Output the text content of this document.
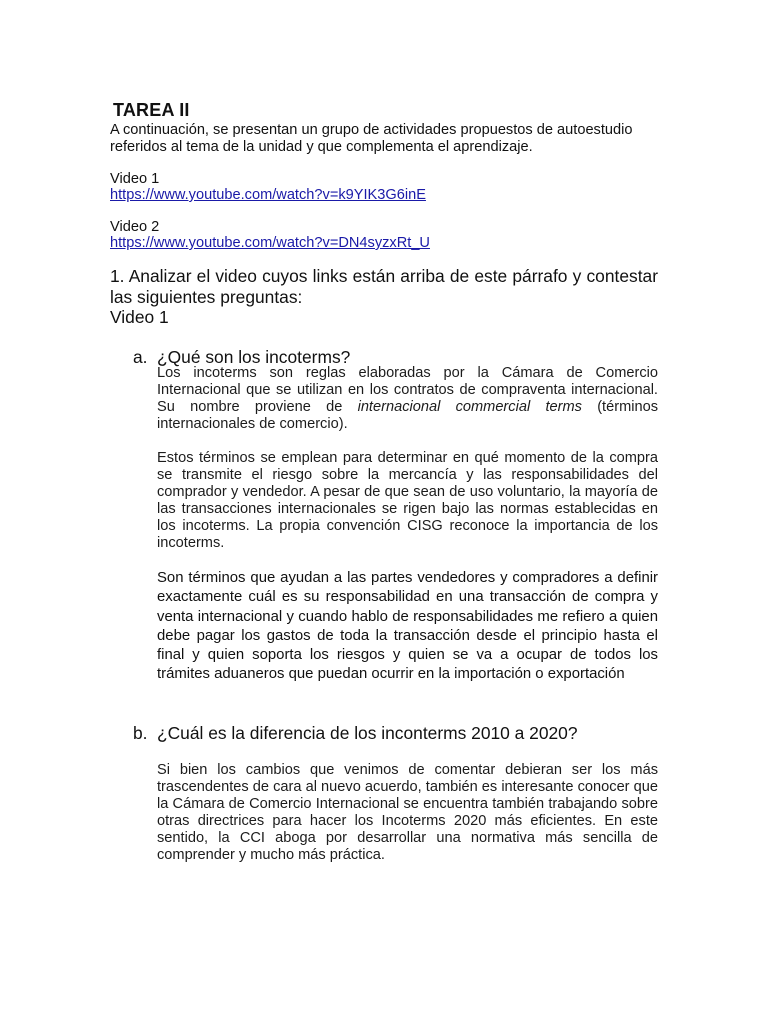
TAREA II

A continuación, se presentan un grupo de actividades propuestos de autoestudio

referidos al tema de la unidad y que complementa el aprendizaje.

Video 1
https://www.youtube.com/watch?v=k9YIK3G6inE
Video 2
https://www.youtube.com/watch?v=DN4syzxRt_U
1. Analizar el video cuyos links están arriba de este párrafo y contestar las siguientes preguntas:
Video 1
a. ¿Qué son los incoterms?

Los incoterms son reglas elaboradas por la Cámara de Comercio Internacional que se utilizan en los contratos de compraventa internacional. Su nombre proviene de internacional commercial terms (términos internacionales de comercio).

Estos términos se emplean para determinar en qué momento de la compra se transmite el riesgo sobre la mercancía y las responsabilidades del comprador y vendedor. A pesar de que sean de uso voluntario, la mayoría de las transacciones internacionales se rigen bajo las normas establecidas en los incoterms. La propia convención CISG reconoce la importancia de los incoterms.

Son términos que ayudan a las partes vendedores y compradores a definir exactamente cuál es su responsabilidad en una transacción de compra y venta internacional y cuando hablo de responsabilidades me refiero a quien debe pagar los gastos de toda la transacción desde el principio hasta el final y quien soporta los riesgos y quien se va a ocupar de todos los trámites aduaneros que puedan ocurrir en la importación o exportación

b. ¿Cuál es la diferencia de los inconterms 2010 a 2020?

Si bien los cambios que venimos de comentar debieran ser los más trascendentes de cara al nuevo acuerdo, también es interesante conocer que la Cámara de Comercio Internacional se encuentra también trabajando sobre otras directrices para hacer los Incoterms 2020 más eficientes. En este sentido, la CCI aboga por desarrollar una normativa más sencilla de comprender y mucho más práctica.
